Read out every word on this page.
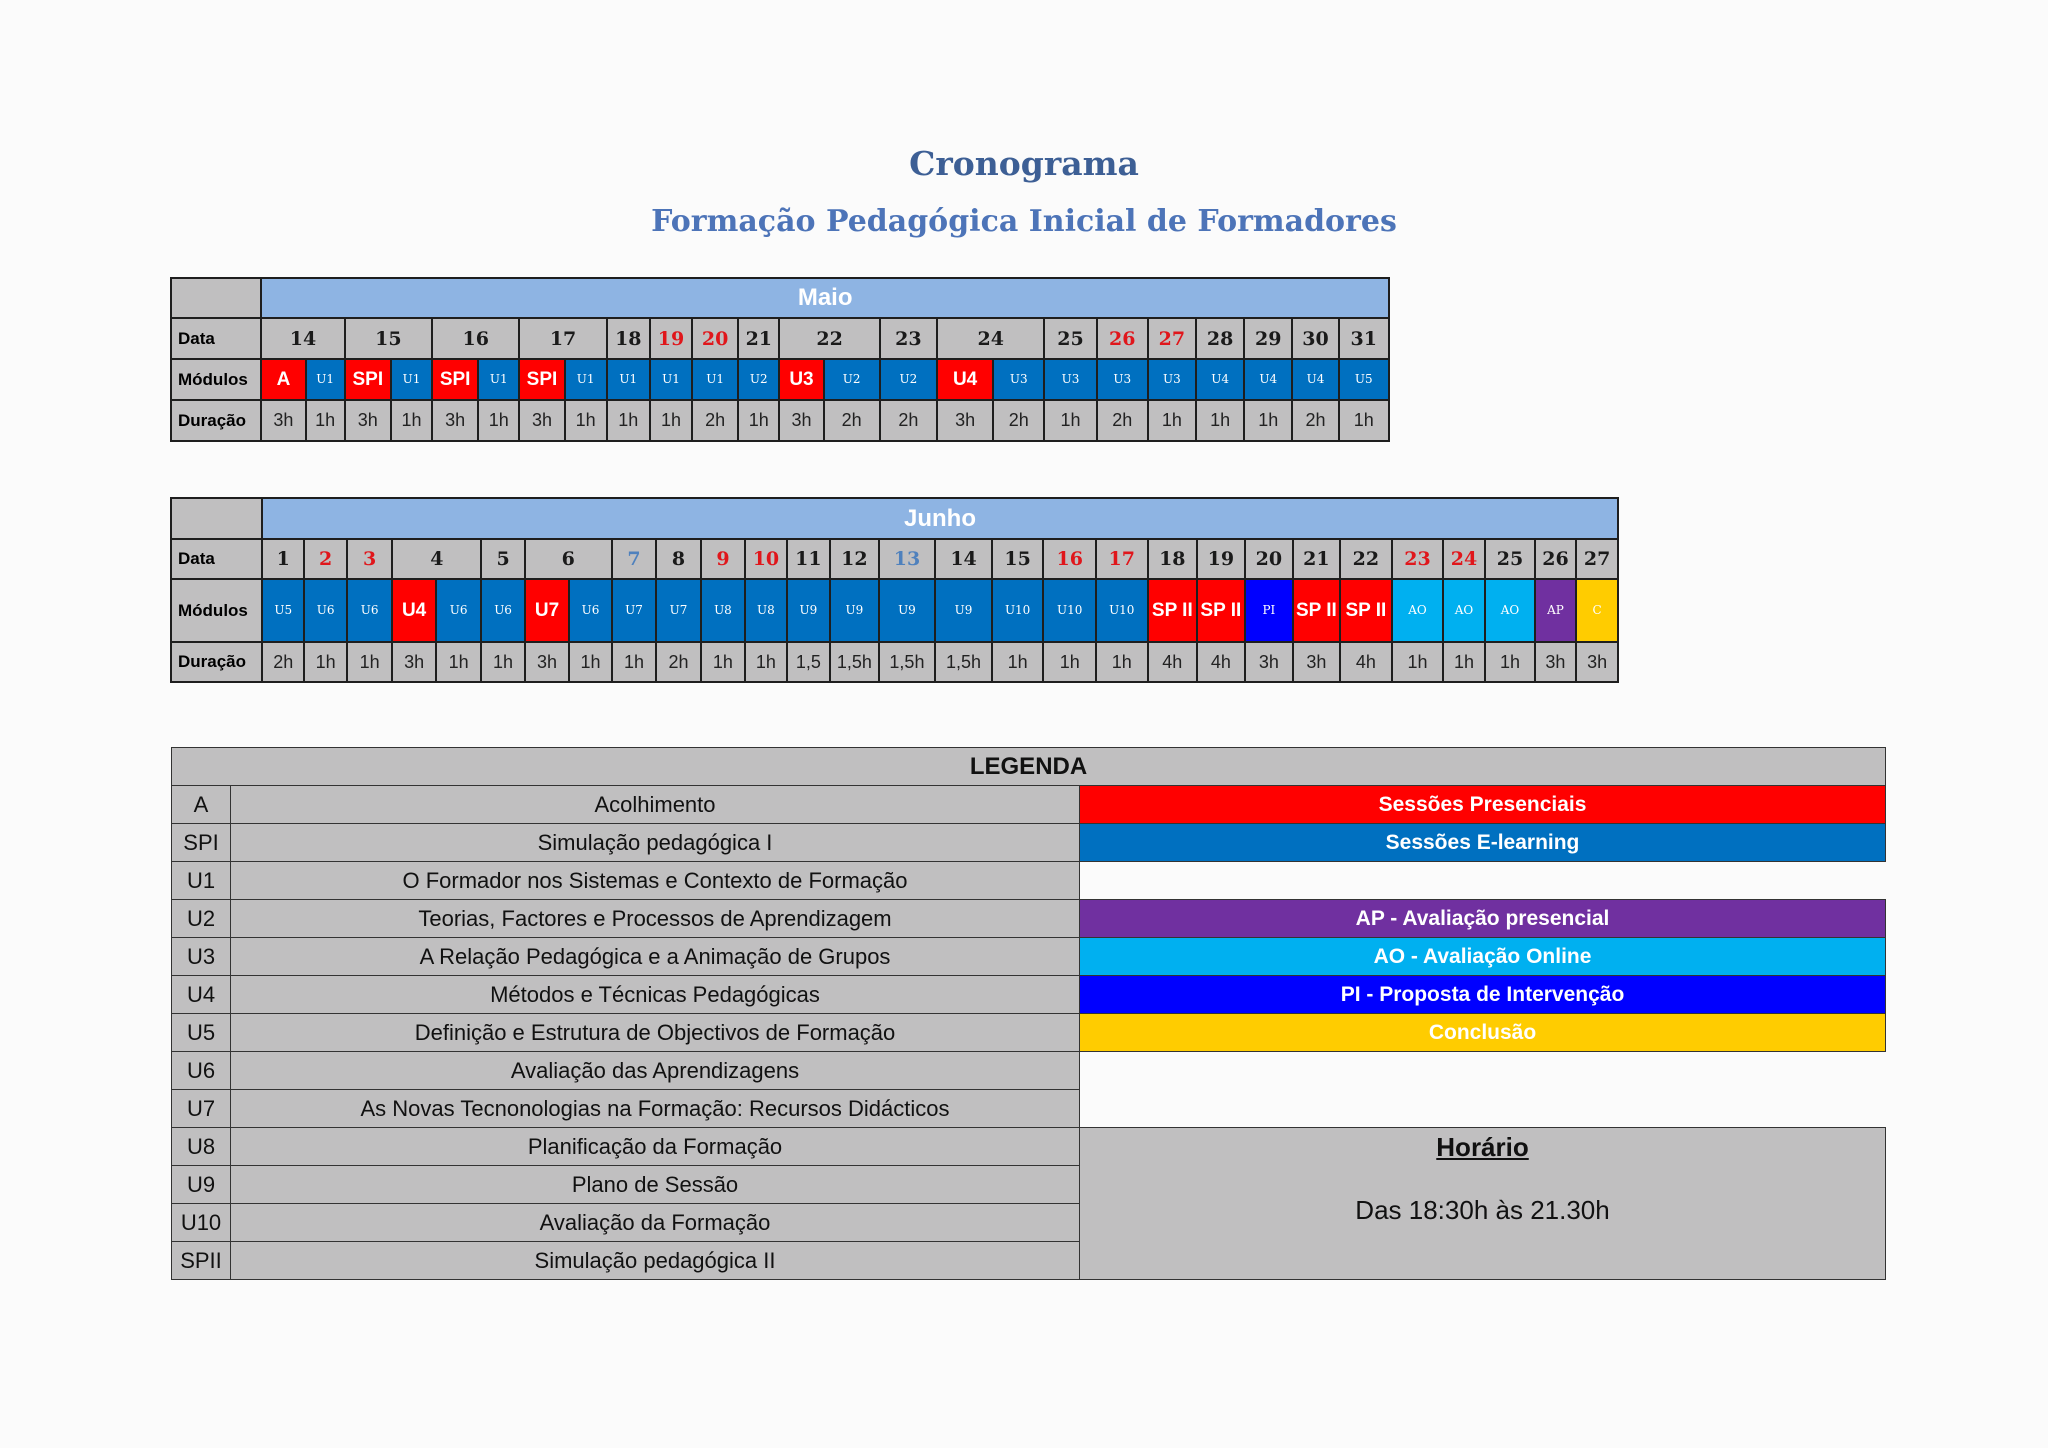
Cronograma
Formação Pedagógica Inicial de Formadores
	Maio																							
Data	14		15		16		17		18	19	20	21	22		23	24		25	26	27	28	29	30	31
Módulos	A	U1	SPI	U1	SPI	U1	SPI	U1	U1	U1	U1	U2	U3	U2	U2	U4	U3	U3	U3	U3	U4	U4	U4	U5
Duração	3h	1h	3h	1h	3h	1h	3h	1h	1h	1h	2h	1h	3h	2h	2h	3h	2h	1h	2h	1h	1h	1h	2h	1h
	Junho																												
Data	1	2	3	4		5	6		7	8	9	10	11	12	13	14	15	16	17	18	19	20	21	22	23	24	25	26	27
Módulos	U5	U6	U6	U4	U6	U6	U7	U6	U7	U7	U8	U8	U9	U9	U9	U9	U10	U10	U10	SP II	SP II	PI	SP II	SP II	AO	AO	AO	AP	C
Duração	2h	1h	1h	3h	1h	1h	3h	1h	1h	2h	1h	1h	1,5	1,5h	1,5h	1,5h	1h	1h	1h	4h	4h	3h	3h	4h	1h	1h	1h	3h	3h
LEGENDA		
A	Acolhimento	Sessões Presenciais
SPI	Simulação pedagógica I	Sessões E-learning
U1	O Formador nos Sistemas e Contexto de Formação	
U2	Teorias, Factores e Processos de Aprendizagem	AP - Avaliação presencial
U3	A Relação Pedagógica e a Animação de Grupos	AO - Avaliação Online
U4	Métodos e Técnicas Pedagógicas	PI - Proposta de Intervenção
U5	Definição e Estrutura de Objectivos de Formação	Conclusão
U6	Avaliação das Aprendizagens	
U7	As Novas Tecnonologias na Formação: Recursos Didácticos	
U8	Planificação da Formação	Horário
Das 18:30h às 21.30h

U9	Plano de Sessão	
U10	Avaliação da Formação	
SPII	Simulação pedagógica II	
